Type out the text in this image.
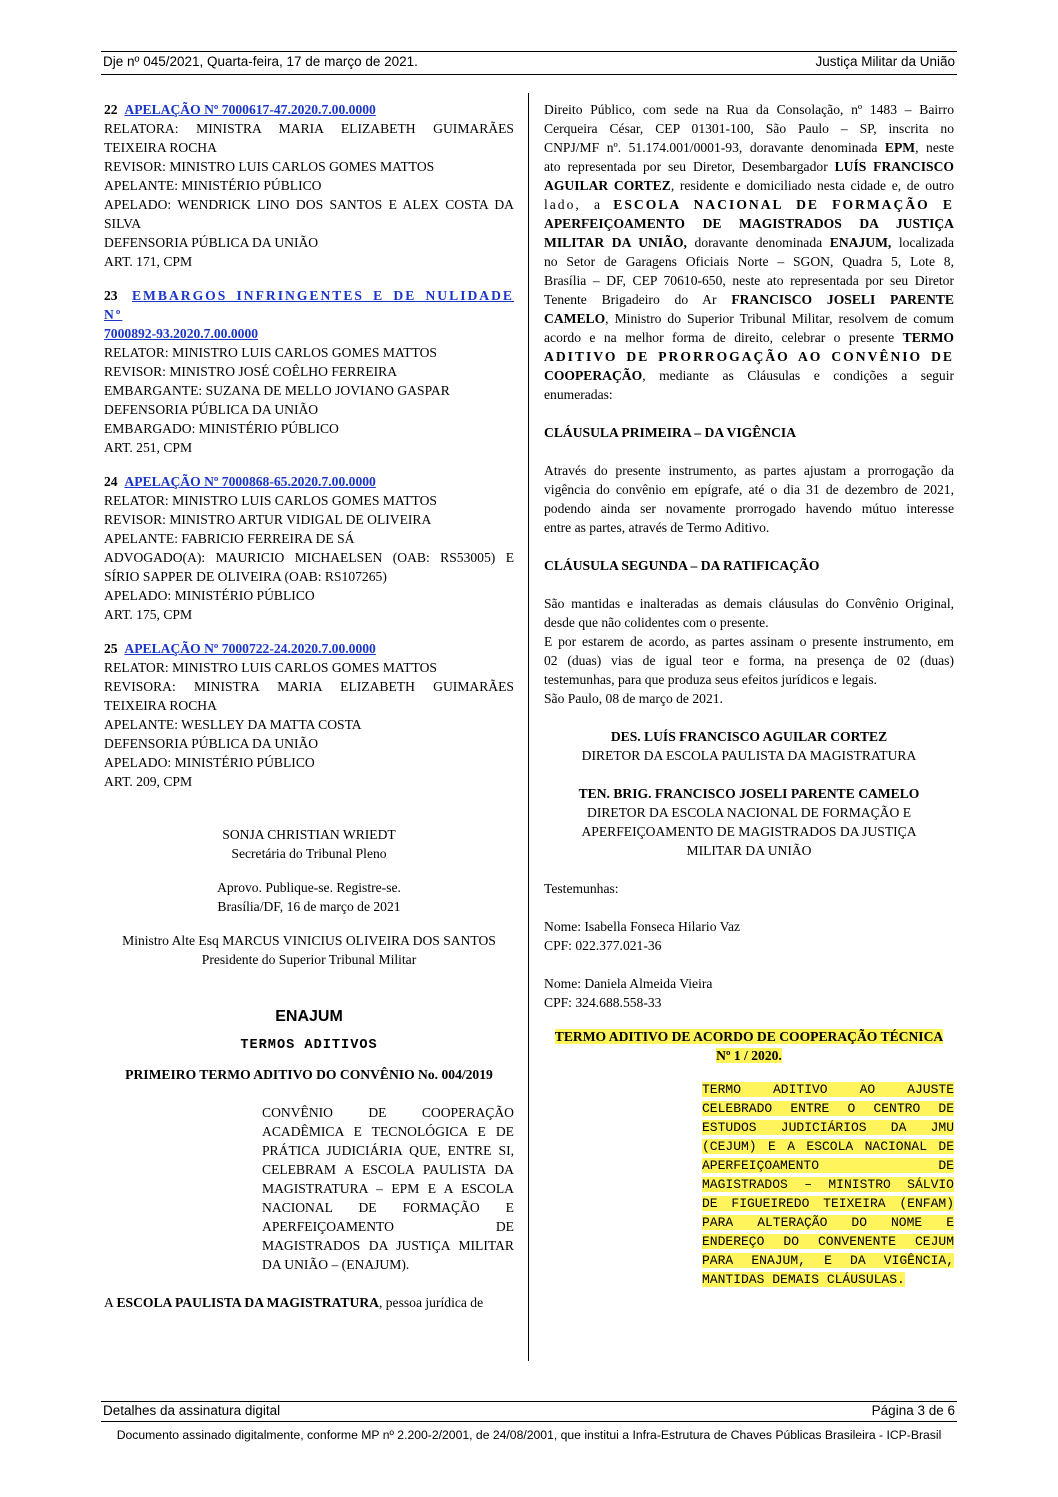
Dje nº 045/2021, Quarta-feira, 17 de março de 2021.	Justiça Militar da União
22 APELAÇÃO Nº 7000617-47.2020.7.00.0000
RELATORA: MINISTRA MARIA ELIZABETH GUIMARÃES
TEIXEIRA ROCHA
REVISOR: MINISTRO LUIS CARLOS GOMES MATTOS
APELANTE: MINISTÉRIO PÚBLICO
APELADO: WENDRICK LINO DOS SANTOS E ALEX COSTA DA
SILVA
DEFENSORIA PÚBLICA DA UNIÃO
ART. 171, CPM
23 EMBARGOS INFRINGENTES E DE NULIDADE Nº
7000892-93.2020.7.00.0000
RELATOR: MINISTRO LUIS CARLOS GOMES MATTOS
REVISOR: MINISTRO JOSÉ COÊLHO FERREIRA
EMBARGANTE: SUZANA DE MELLO JOVIANO GASPAR
DEFENSORIA PÚBLICA DA UNIÃO
EMBARGADO: MINISTÉRIO PÚBLICO
ART. 251, CPM
24 APELAÇÃO Nº 7000868-65.2020.7.00.0000
RELATOR: MINISTRO LUIS CARLOS GOMES MATTOS
REVISOR: MINISTRO ARTUR VIDIGAL DE OLIVEIRA
APELANTE: FABRICIO FERREIRA DE SÁ
ADVOGADO(A): MAURICIO MICHAELSEN (OAB: RS53005) E
SÍRIO SAPPER DE OLIVEIRA (OAB: RS107265)
APELADO: MINISTÉRIO PÚBLICO
ART. 175, CPM
25 APELAÇÃO Nº 7000722-24.2020.7.00.0000
RELATOR: MINISTRO LUIS CARLOS GOMES MATTOS
REVISORA: MINISTRA MARIA ELIZABETH GUIMARÃES
TEIXEIRA ROCHA
APELANTE: WESLLEY DA MATTA COSTA
DEFENSORIA PÚBLICA DA UNIÃO
APELADO: MINISTÉRIO PÚBLICO
ART. 209, CPM
SONJA CHRISTIAN WRIEDT
Secretária do Tribunal Pleno
Aprovo. Publique-se. Registre-se.
Brasília/DF, 16 de março de 2021
Ministro Alte Esq MARCUS VINICIUS OLIVEIRA DOS SANTOS
Presidente do Superior Tribunal Militar
ENAJUM
TERMOS ADITIVOS
PRIMEIRO TERMO ADITIVO DO CONVÊNIO No. 004/2019
CONVÊNIO DE COOPERAÇÃO
ACADÊMICA E TECNOLÓGICA E DE
PRÁTICA JUDICIÁRIA QUE, ENTRE SI,
CELEBRAM A ESCOLA PAULISTA DA
MAGISTRATURA – EPM E A ESCOLA
NACIONAL DE FORMAÇÃO E
APERFEIÇOAMENTO DE
MAGISTRADOS DA JUSTIÇA MILITAR
DA UNIÃO – (ENAJUM).
A ESCOLA PAULISTA DA MAGISTRATURA, pessoa jurídica de
Direito Público, com sede na Rua da Consolação, nº 1483 – Bairro
Cerqueira César, CEP 01301-100, São Paulo – SP, inscrita no
CNPJ/MF nº. 51.174.001/0001-93, doravante denominada EPM, neste
ato representada por seu Diretor, Desembargador LUÍS FRANCISCO
AGUILAR CORTEZ, residente e domiciliado nesta cidade e, de outro
lado, a ESCOLA NACIONAL DE FORMAÇÃO E
APERFEIÇOAMENTO DE MAGISTRADOS DA JUSTIÇA
MILITAR DA UNIÃO, doravante denominada ENAJUM, localizada
no Setor de Garagens Oficiais Norte – SGON, Quadra 5, Lote 8,
Brasília – DF, CEP 70610-650, neste ato representada por seu Diretor
Tenente Brigadeiro do Ar FRANCISCO JOSELI PARENTE
CAMELO, Ministro do Superior Tribunal Militar, resolvem de comum
acordo e na melhor forma de direito, celebrar o presente TERMO
ADITIVO DE PRORROGAÇÃO AO CONVÊNIO DE
COOPERAÇÃO, mediante as Cláusulas e condições a seguir
enumeradas:
CLÁUSULA PRIMEIRA – DA VIGÊNCIA
Através do presente instrumento, as partes ajustam a prorrogação da
vigência do convênio em epígrafe, até o dia 31 de dezembro de 2021,
podendo ainda ser novamente prorrogado havendo mútuo interesse
entre as partes, através de Termo Aditivo.
CLÁUSULA SEGUNDA – DA RATIFICAÇÃO
São mantidas e inalteradas as demais cláusulas do Convênio Original,
desde que não colidentes com o presente.
E por estarem de acordo, as partes assinam o presente instrumento, em
02 (duas) vias de igual teor e forma, na presença de 02 (duas)
testemunhas, para que produza seus efeitos jurídicos e legais.
São Paulo, 08 de março de 2021.
DES. LUÍS FRANCISCO AGUILAR CORTEZ
DIRETOR DA ESCOLA PAULISTA DA MAGISTRATURA
TEN. BRIG. FRANCISCO JOSELI PARENTE CAMELO
DIRETOR DA ESCOLA NACIONAL DE FORMAÇÃO E
APERFEIÇOAMENTO DE MAGISTRADOS DA JUSTIÇA
MILITAR DA UNIÃO
Testemunhas:
Nome: Isabella Fonseca Hilario Vaz
CPF: 022.377.021-36
Nome: Daniela Almeida Vieira
CPF: 324.688.558-33
TERMO ADITIVO DE ACORDO DE COOPERAÇÃO TÉCNICA
Nº 1 / 2020.
TERMO ADITIVO AO AJUSTE
CELEBRADO ENTRE O CENTRO DE
ESTUDOS JUDICIÁRIOS DA JMU
(CEJUM) E A ESCOLA NACIONAL DE
APERFEIÇOAMENTO DE
MAGISTRADOS – MINISTRO SÁLVIO
DE FIGUEIREDO TEIXEIRA (ENFAM)
PARA ALTERAÇÃO DO NOME E
ENDEREÇO DO CONVENENTE CEJUM
PARA ENAJUM, E DA VIGÊNCIA,
MANTIDAS DEMAIS CLÁUSULAS.
Detalhes da assinatura digital	Página 3 de 6
Documento assinado digitalmente, conforme MP nº 2.200-2/2001, de 24/08/2001, que institui a Infra-Estrutura de Chaves Públicas Brasileira - ICP-Brasil
